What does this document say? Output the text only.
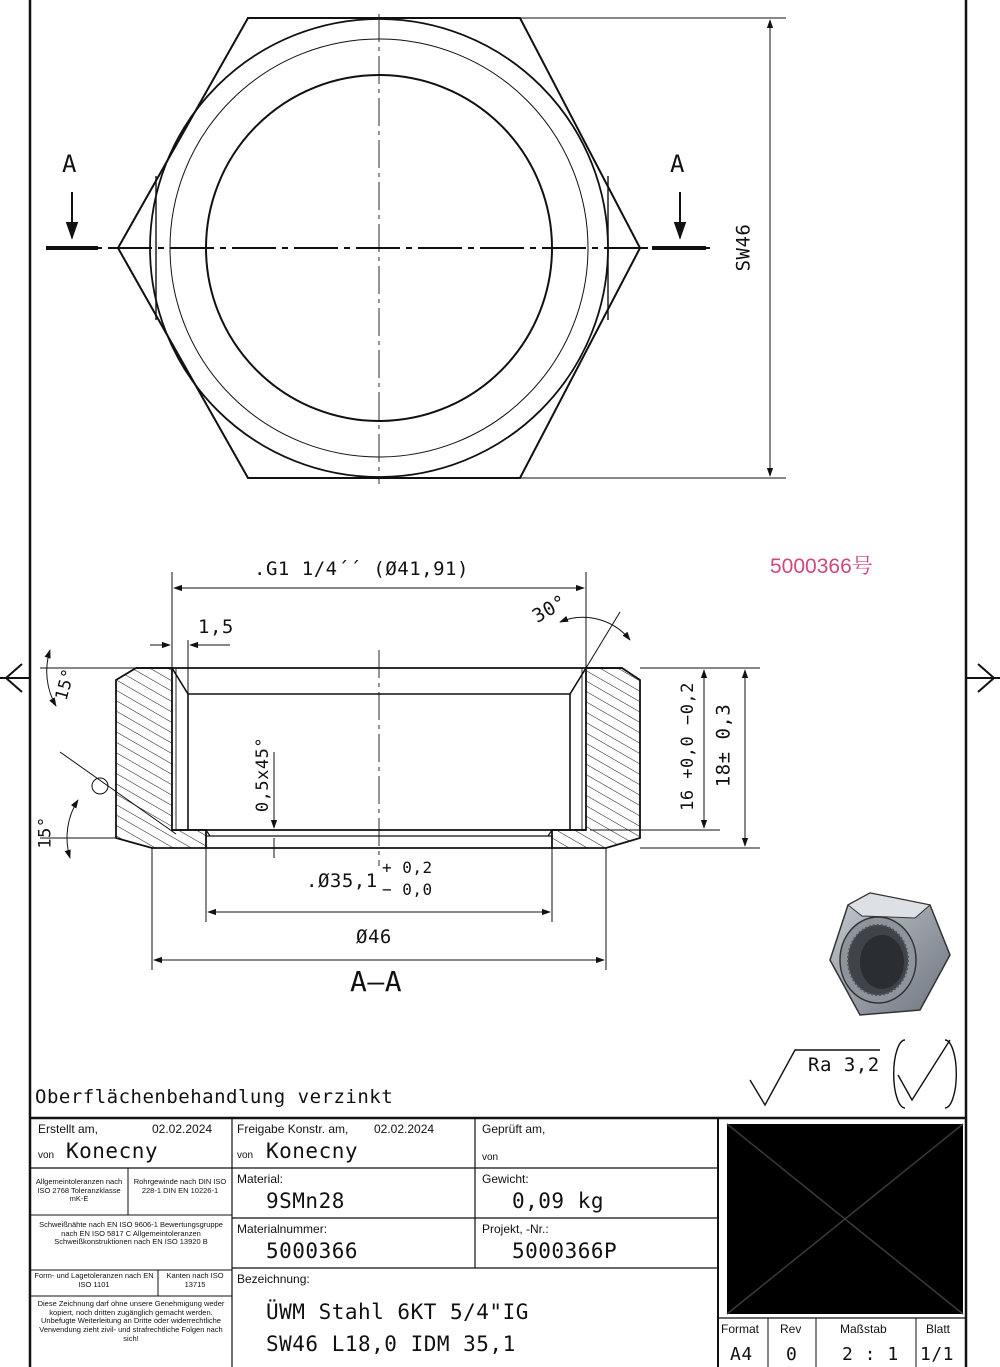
A	A
SW46
.G1 1/4´´ (Ø41,91)
1,5	30°
15°
15°
0,5x45°	16 +0,0 −0,2 18± 0,3
.Ø35,1
+ 0,2
− 0,0
Ø46
A–A
5000366号
Ra 3,2
Oberflächenbehandlung verzinkt
Erstellt am,	02.02.2024
von Konecny
Allgemeintoleranzen nach ISO 2768 Toleranzklasse mK-E
Rohrgewinde nach DIN ISO 228-1 DIN EN 10226-1
Schweißnähte nach EN ISO 9606-1 Bewertungsgruppe nach EN ISO 5817 C Allgemeintoleranzen Schweißkonstruktionen nach EN ISO 13920 B
Form- und Lagetoleranzen nach EN ISO 1101
Kanten nach ISO 13715
Diese Zeichnung darf ohne unsere Genehmigung weder kopiert, noch dritten zugänglich gemacht werden. Unbefugte Weiterleitung an Dritte oder widerrechtliche Verwendung zieht zivil- und strafrechtliche Folgen nach sich!
Freigabe Konstr. am, 02.02.2024
von Konecny
Material:
9SMn28
Materialnummer:
5000366
Bezeichnung:
ÜWM Stahl 6KT 5/4"IG
SW46 L18,0 IDM 35,1
Geprüft am,
von
Gewicht:
0,09 kg
Projekt, -Nr.:
5000366P
Format
A4
Rev
0
Maßstab
2 : 1
Blatt
1/1
